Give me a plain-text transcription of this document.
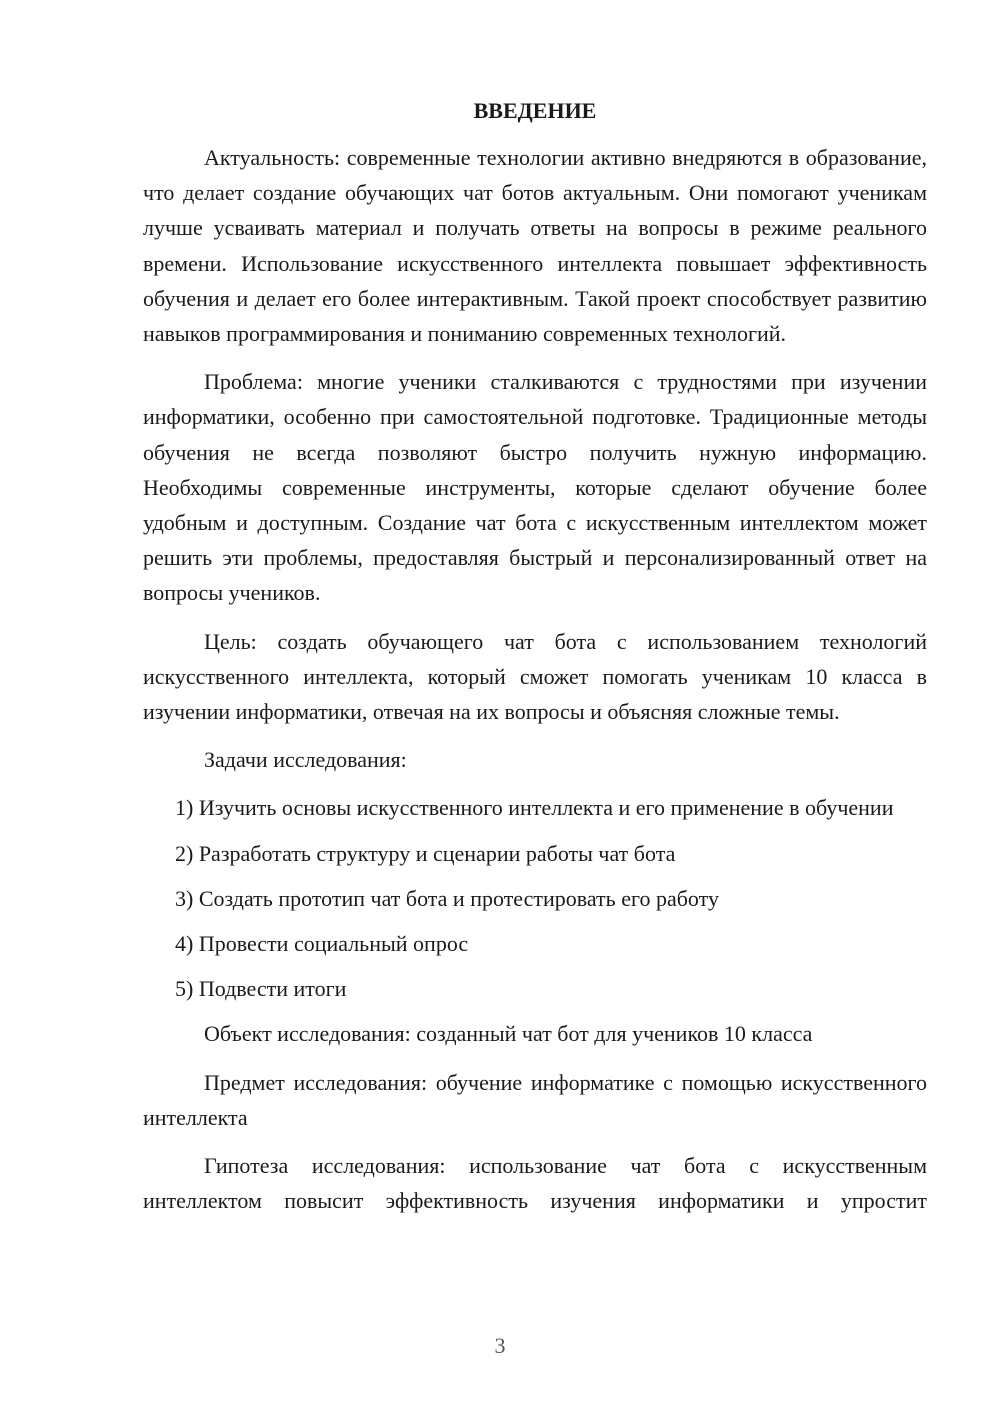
ВВЕДЕНИЕ

Актуальность: современные технологии активно внедряются в образование, что делает создание обучающих чат ботов актуальным. Они помогают ученикам лучше усваивать материал и получать ответы на вопросы в режиме реального времени. Использование искусственного интеллекта повышает эффективность обучения и делает его более интерактивным. Такой проект способствует развитию навыков программирования и пониманию современных технологий.

Проблема: многие ученики сталкиваются с трудностями при изучении информатики, особенно при самостоятельной подготовке. Традиционные методы обучения не всегда позволяют быстро получить нужную информацию. Необходимы современные инструменты, которые сделают обучение более удобным и доступным. Создание чат бота с искусственным интеллектом может решить эти проблемы, предоставляя быстрый и персонализированный ответ на вопросы учеников.

Цель: создать обучающего чат бота с использованием технологий искусственного интеллекта, который сможет помогать ученикам 10 класса в изучении информатики, отвечая на их вопросы и объясняя сложные темы.

Задачи исследования:

1) Изучить основы искусственного интеллекта и его применение в обучении

2) Разработать структуру и сценарии работы чат бота

3) Создать прототип чат бота и протестировать его работу

4) Провести социальный опрос

5) Подвести итоги

Объект исследования: созданный чат бот для учеников 10 класса

Предмет исследования: обучение информатике с помощью искусственного интеллекта

Гипотеза исследования: использование чат бота с искусственным интеллектом повысит эффективность изучения информатики и упростит

3
